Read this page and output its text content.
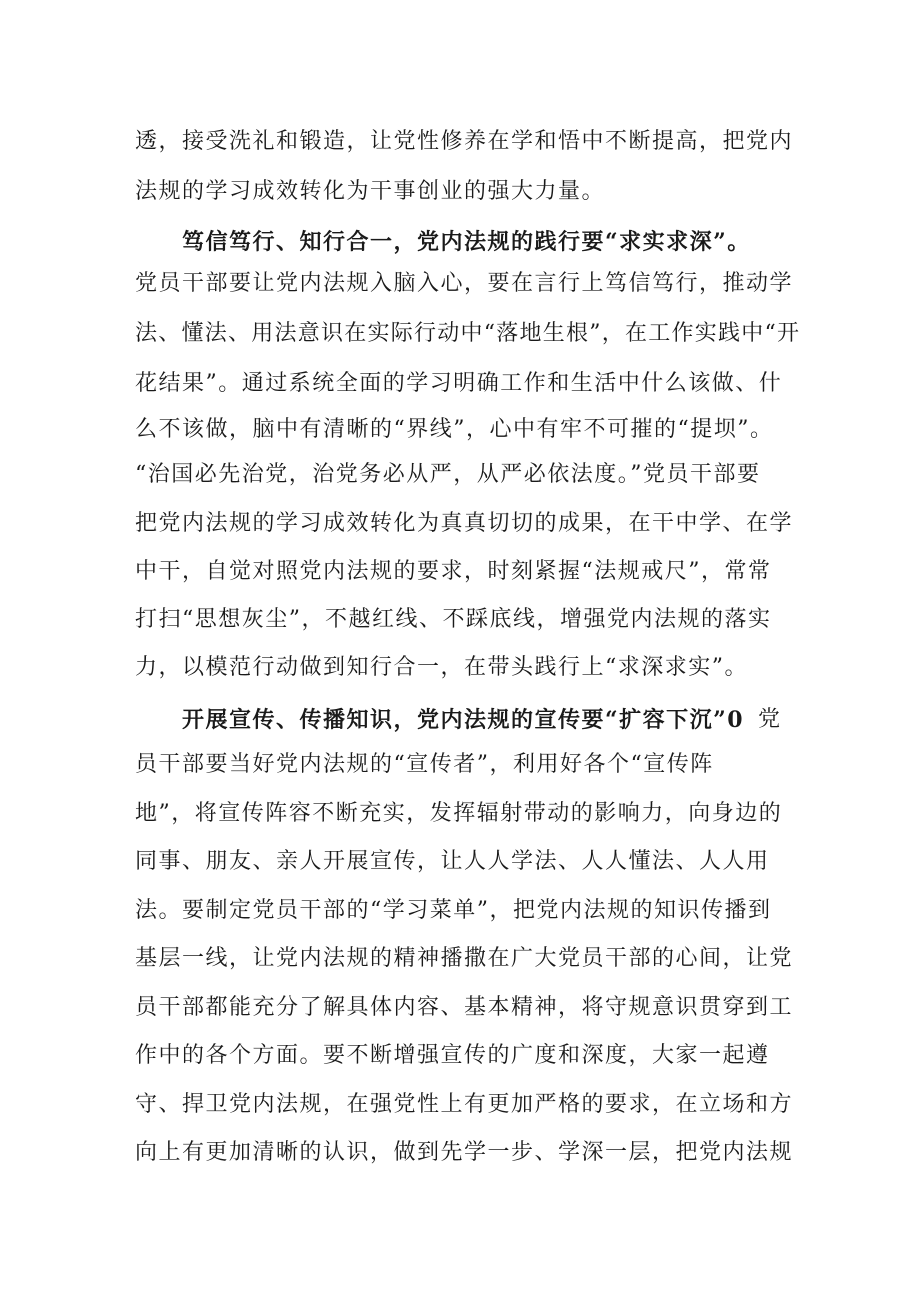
透，接受洗礼和锻造，让党性修养在学和悟中不断提高，把党内
法规的学习成效转化为干事创业的强大力量。
笃信笃行、知行合一，党内法规的践行要“求实求深”。
党员干部要让党内法规入脑入心，要在言行上笃信笃行，推动学
法、懂法、用法意识在实际行动中“落地生根”，在工作实践中“开
花结果”。通过系统全面的学习明确工作和生活中什么该做、什
么不该做，脑中有清晰的“界线”，心中有牢不可摧的“提坝”。
“治国必先治党，治党务必从严，从严必依法度。”党员干部要
把党内法规的学习成效转化为真真切切的成果，在干中学、在学
中干，自觉对照党内法规的要求，时刻紧握“法规戒尺”，常常
打扫“思想灰尘”，不越红线、不踩底线，增强党内法规的落实
力，以模范行动做到知行合一，在带头践行上“求深求实”。
开展宣传、传播知识，党内法规的宣传要“扩容下沉”0 党
员干部要当好党内法规的“宣传者”，利用好各个“宣传阵
地”，将宣传阵容不断充实，发挥辐射带动的影响力，向身边的
同事、朋友、亲人开展宣传，让人人学法、人人懂法、人人用
法。要制定党员干部的“学习菜单”，把党内法规的知识传播到
基层一线，让党内法规的精神播撒在广大党员干部的心间，让党
员干部都能充分了解具体内容、基本精神，将守规意识贯穿到工
作中的各个方面。要不断增强宣传的广度和深度，大家一起遵
守、捍卫党内法规，在强党性上有更加严格的要求，在立场和方
向上有更加清晰的认识，做到先学一步、学深一层，把党内法规
